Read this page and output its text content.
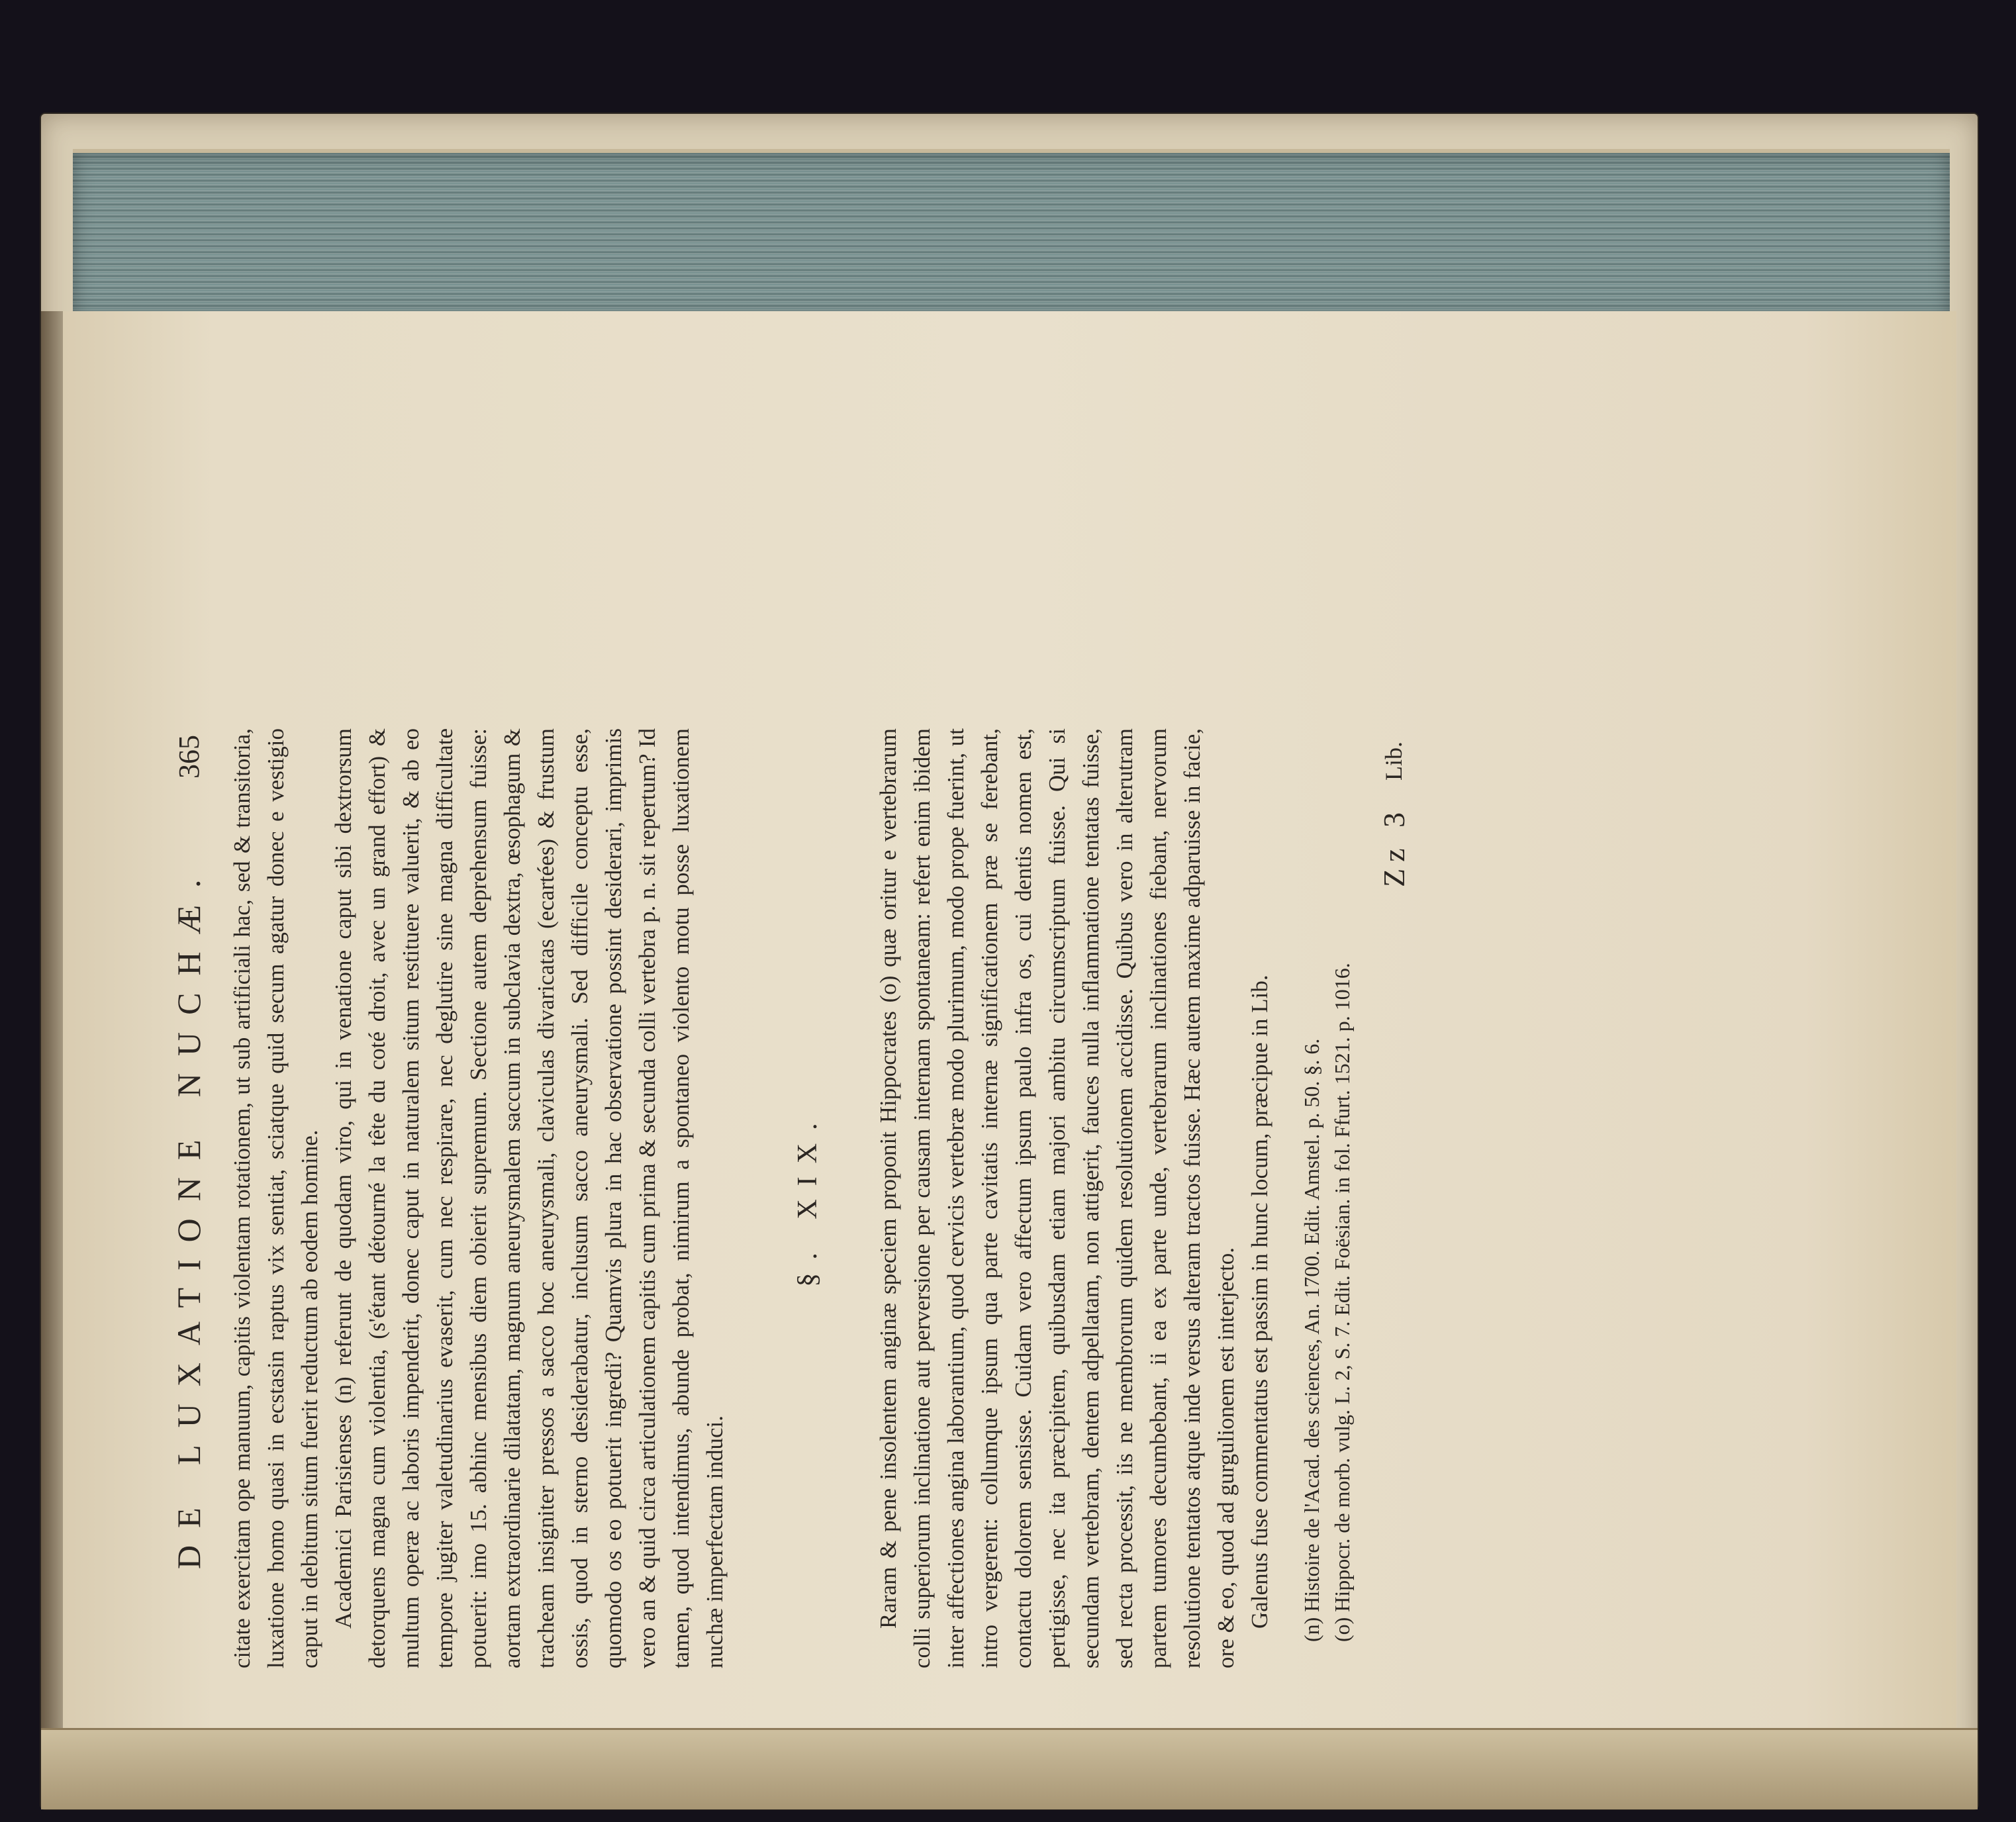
DE LUXATIONE NUCHÆ.
365 citate exercitam ope manuum, capitis violentam rotationem, ut sub artificiali hac, sed & transitoria, luxatione homo quasi in ecstasin raptus vix sentiat, sciatque quid secum agatur donec e vestigio caput in debitum situm fuerit reductum ab eodem homine. Academici Parisienses (n) referunt de quodam viro, qui in venatione caput sibi dextrorsum detorquens magna cum violentia, (s'étant détourné la tête du coté droit, avec un grand effort) & multum operæ ac laboris impenderit, donec caput in naturalem situm restituere valuerit, & ab eo tempore jugiter valetudinarius evaserit, cum nec respirare, nec deglutire sine magna difficultate potuerit: imo 15. abhinc mensibus diem obierit supremum. Sectione autem deprehensum fuisse: aortam extraordinarie dilatatam, magnum aneurysmalem saccum in subclavia dextra, œsophagum & tracheam insigniter pressos a sacco hoc aneurysmali, claviculas divaricatas (ecartées) & frustum ossis, quod in sterno desiderabatur, inclusum sacco aneurysmali. Sed difficile conceptu esse, quomodo os eo potuerit ingredi? Quamvis plura in hac observatione possint desiderari, imprimis vero an & quid circa articulationem capitis cum prima & secunda colli vertebra p. n. sit repertum? Id tamen, quod intendimus, abunde probat, nimirum a spontaneo violento motu posse luxationem nuchæ imperfectam induci.

§. XIX. Raram & pene insolentem anginæ speciem proponit Hippocrates (o) quæ oritur e vertebrarum colli superiorum inclinatione aut perversione per causam internam spontaneam: refert enim ibidem inter affectiones angina laborantium, quod cervicis vertebræ modo plurimum, modo prope fuerint, ut intro vergerent: collumque ipsum qua parte cavitatis internæ significationem præ se ferebant, contactu dolorem sensisse. Cuidam vero affectum ipsum paulo infra os, cui dentis nomen est, pertigisse, nec ita præcipitem, quibusdam etiam majori ambitu circumscriptum fuisse. Qui si secundam vertebram, dentem adpellatam, non attigerit, fauces nulla inflammatione tentatas fuisse, sed recta processit, iis ne membrorum quidem resolutionem accidisse. Quibus vero in alterutram partem tumores decumbebant, ii ea ex parte unde, vertebrarum inclinationes fiebant, nervorum resolutione tentatos atque inde versus alteram tractos fuisse. Hæc autem maxime adparuisse in facie, ore & eo, quod ad gurgulionem est interjecto. Galenus fuse commentatus est passim in hunc locum, præcipue in Lib. (n) Histoire de l'Acad. des sciences, An. 1700. Edit. Amstel. p. 50. §. 6. (o) Hippocr. de morb. vulg. L. 2, S. 7. Edit. Foësian. in fol. Ffurt. 1521. p. 1016.

Zz 3
Lib.
